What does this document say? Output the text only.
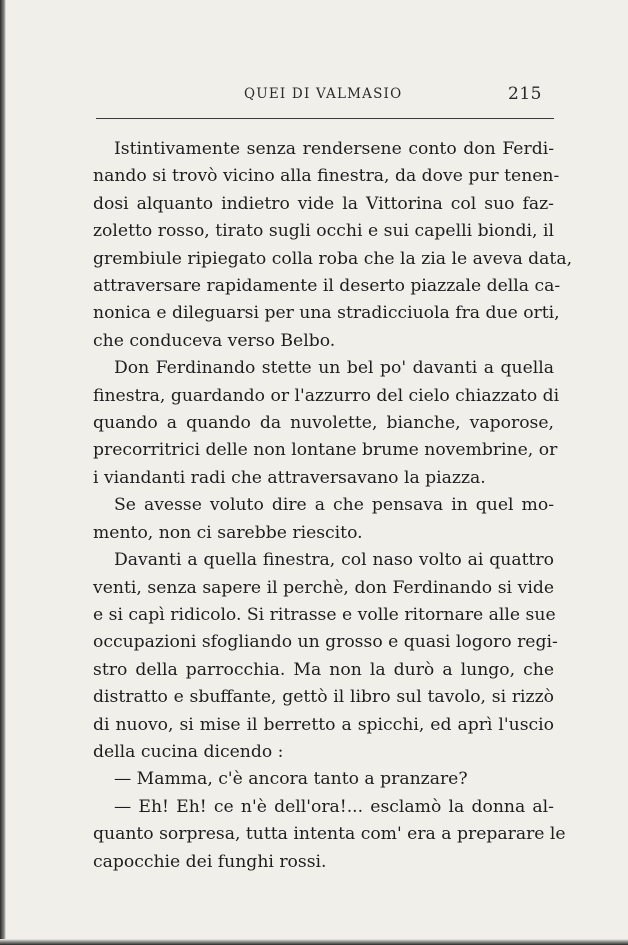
QUEI DI VALMASIO	215
Istintivamente senza rendersene conto don Ferdi-
nando si trovò vicino alla finestra, da dove pur tenen-
dosi alquanto indietro vide la Vittorina col suo faz-
zoletto rosso, tirato sugli occhi e sui capelli biondi, il
grembiule ripiegato colla roba che la zia le aveva data,
attraversare rapidamente il deserto piazzale della ca-
nonica e dileguarsi per una stradicciuola fra due orti,
che conduceva verso Belbo.
Don Ferdinando stette un bel po' davanti a quella
finestra, guardando or l'azzurro del cielo chiazzato di
quando a quando da nuvolette, bianche, vaporose,
precorritrici delle non lontane brume novembrine, or
i viandanti radi che attraversavano la piazza.
Se avesse voluto dire a che pensava in quel mo-
mento, non ci sarebbe riescito.
Davanti a quella finestra, col naso volto ai quattro
venti, senza sapere il perchè, don Ferdinando si vide
e si capì ridicolo. Si ritrasse e volle ritornare alle sue
occupazioni sfogliando un grosso e quasi logoro regi-
stro della parrocchia. Ma non la durò a lungo, che
distratto e sbuffante, gettò il libro sul tavolo, si rizzò
di nuovo, si mise il berretto a spicchi, ed aprì l'uscio
della cucina dicendo :
— Mamma, c'è ancora tanto a pranzare?
— Eh! Eh! ce n'è dell'ora!... esclamò la donna al-
quanto sorpresa, tutta intenta com' era a preparare le
capocchie dei funghi rossi.
